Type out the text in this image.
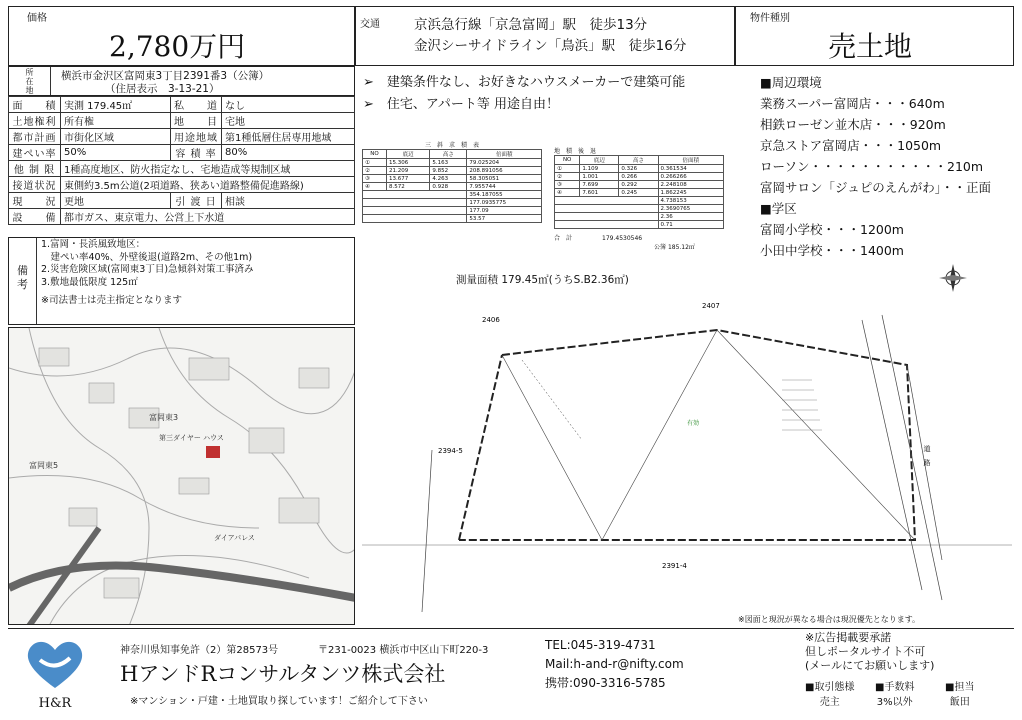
価格
2,780万円
交通	京浜急行線「京急富岡」駅　徒歩13分
金沢シーサイドライン「鳥浜」駅　徒歩16分
物件種別
売土地
所
在
地
横浜市金沢区富岡東3丁目2391番3（公簿）
（住居表示　3-13-21）
面　　積	実測 179.45㎡	私　　道	なし
土地権利	所有権	地　　目	宅地
都市計画	市街化区域	用途地域	第1種低層住居専用地域
建ぺい率	50%	容 積 率	80%
他 制 限	1種高度地区、防火指定なし、宅地造成等規制区域		
接道状況	東側約3.5m公道(2項道路、狭あい道路整備促進路線)		
現　　況	更地	引 渡 日	相談
設　　備	都市ガス、東京電力、公営上下水道		
備
考
1.富岡・長浜風致地区：
　建ぺい率40%、外壁後退(道路2m、その他1m)
2.災害危険区域(富岡東3丁目)急傾斜対策工事済み
3.敷地最低限度 125㎡
※司法書士は売主指定となります
富岡東3
第三ダイヤー ハウス
富岡東5
ダイアパレス
➢　建築条件なし、お好きなハウスメーカーで建築可能
➢　住宅、アパート等 用途自由！
■周辺環境
業務スーパー富岡店・・・640m
相鉄ローゼン並木店・・・920m
京急ストア富岡店・・・1050m
ローソン・・・・・・・・・・・210m
富岡サロン「ジュピのえんがわ」・・正面
■学区
富岡小学校・・・1200m
小田中学校・・・1400m
三　斜　求　積　表
NO	底辺	高さ	倍面積
①	15.306	5.163	79.025204
②	21.209	9.852	208.891056
③	13.677	4.263	58.305051
④	8.572	0.928	7.955744
			354.187055
			177.0935775
			177.09
			53.57
地　積　後　退
NO	底辺	高さ	倍面積
①	1.109	0.326	0.361534
②	1.001	0.266	0.266266
③	7.699	0.292	2.248108
④	7.601	0.245	1.862245
			4.738153
			2.3690765
			2.36
			0.71
合　計　　　　　	179.4530546
公簿 185.12㎡
測量面積 179.45㎡(うちS.B2.36㎡)
2406
2407
2394-5
2391-4
道　路
有効
※図面と現況が異なる場合は現況優先となります。
H&R
神奈川県知事免許（2）第28573号	〒231-0023 横浜市中区山下町220-3
HアンドRコンサルタンツ株式会社
※マンション・戸建・土地買取り探しています！ご紹介して下さい
TEL:045-319-4731
Mail:h-and-r@nifty.com
携帯:090-3316-5785
※広告掲載要承諾
但しポータルサイト不可
(メールにてお願いします)
■取引態様
売主
■手数料
3%以外
■担当
飯田
